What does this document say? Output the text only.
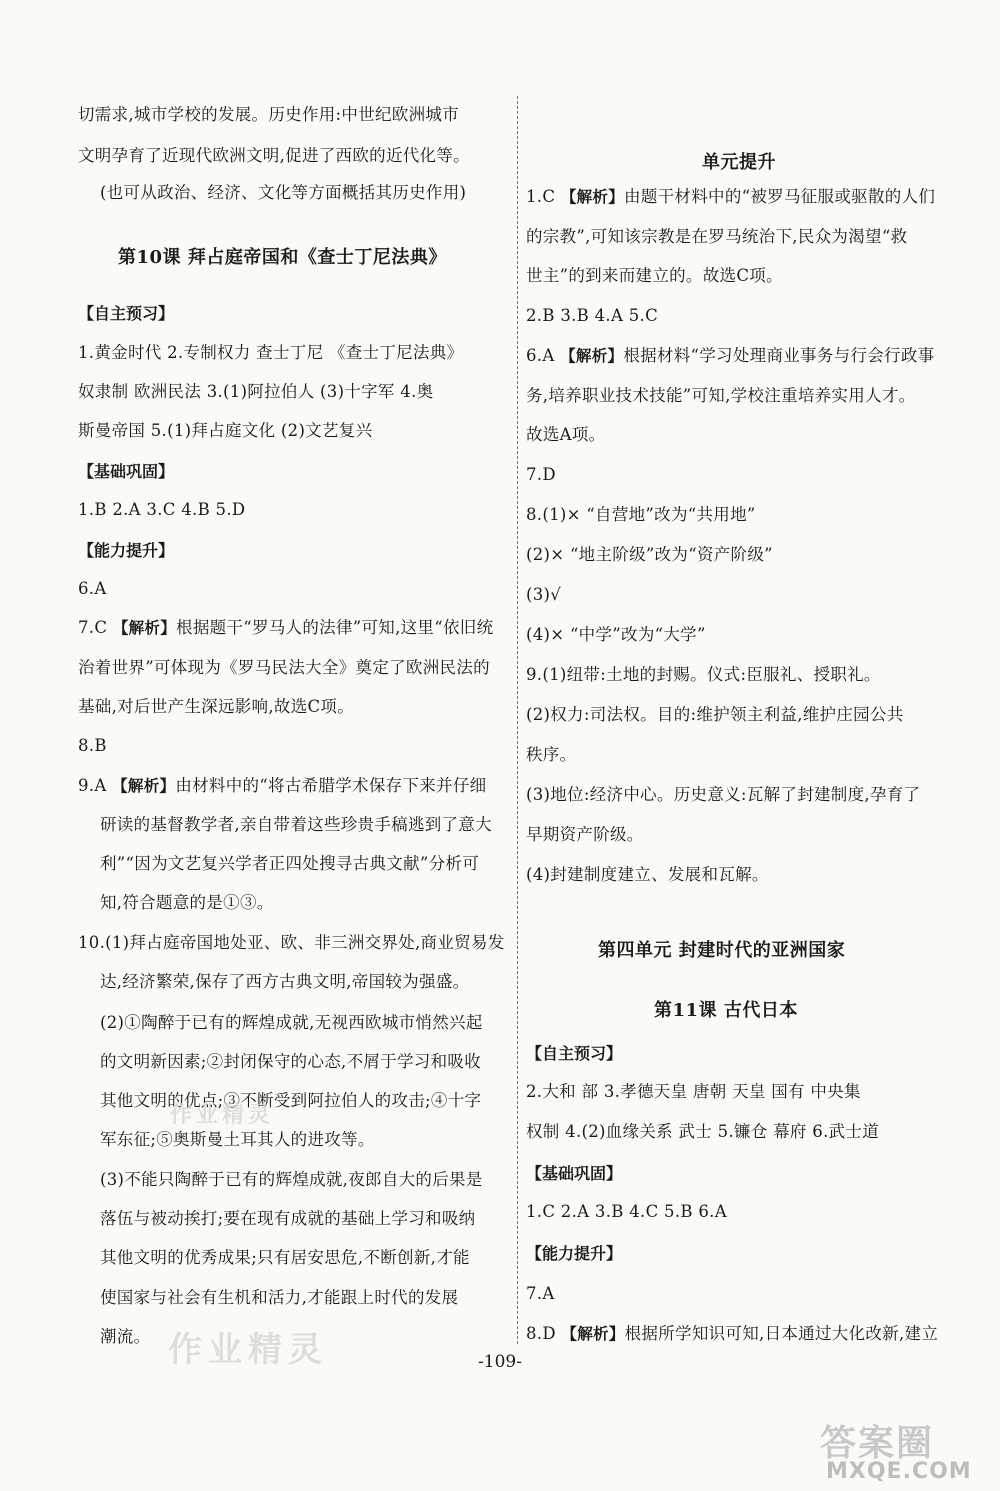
切需求,城市学校的发展。历史作用:中世纪欧洲城市
文明孕育了近现代欧洲文明,促进了西欧的近代化等。
(也可从政治、经济、文化等方面概括其历史作用)
第10课 拜占庭帝国和《查士丁尼法典》
【自主预习】
1.黄金时代 2.专制权力 查士丁尼 《查士丁尼法典》
奴隶制 欧洲民法 3.(1)阿拉伯人 (3)十字军 4.奥
斯曼帝国 5.(1)拜占庭文化 (2)文艺复兴
【基础巩固】
1.B 2.A 3.C 4.B 5.D
【能力提升】
6.A
7.C 【解析】根据题干“罗马人的法律”可知,这里“依旧统
治着世界”可体现为《罗马民法大全》奠定了欧洲民法的
基础,对后世产生深远影响,故选C项。
8.B
9.A 【解析】由材料中的“将古希腊学术保存下来并仔细
研读的基督教学者,亲自带着这些珍贵手稿逃到了意大
利”“因为文艺复兴学者正四处搜寻古典文献”分析可
知,符合题意的是①③。
10.(1)拜占庭帝国地处亚、欧、非三洲交界处,商业贸易发
达,经济繁荣,保存了西方古典文明,帝国较为强盛。
(2)①陶醉于已有的辉煌成就,无视西欧城市悄然兴起
的文明新因素;②封闭保守的心态,不屑于学习和吸收
其他文明的优点;③不断受到阿拉伯人的攻击;④十字
军东征;⑤奥斯曼土耳其人的进攻等。
(3)不能只陶醉于已有的辉煌成就,夜郎自大的后果是
落伍与被动挨打;要在现有成就的基础上学习和吸纳
其他文明的优秀成果;只有居安思危,不断创新,才能
使国家与社会有生机和活力,才能跟上时代的发展
潮流。
单元提升
1.C 【解析】由题干材料中的“被罗马征服或驱散的人们
的宗教”,可知该宗教是在罗马统治下,民众为渴望“救
世主”的到来而建立的。故选C项。
2.B 3.B 4.A 5.C
6.A 【解析】根据材料“学习处理商业事务与行会行政事
务,培养职业技术技能”可知,学校注重培养实用人才。
故选A项。
7.D
8.(1)× “自营地”改为“共用地”
(2)× “地主阶级”改为“资产阶级”
(3)√
(4)× “中学”改为“大学”
9.(1)纽带:土地的封赐。仪式:臣服礼、授职礼。
(2)权力:司法权。目的:维护领主利益,维护庄园公共
秩序。
(3)地位:经济中心。历史意义:瓦解了封建制度,孕育了
早期资产阶级。
(4)封建制度建立、发展和瓦解。
第四单元 封建时代的亚洲国家
第11课 古代日本
【自主预习】
2.大和 部 3.孝德天皇 唐朝 天皇 国有 中央集
权制 4.(2)血缘关系 武士 5.镰仓 幕府 6.武士道
【基础巩固】
1.C 2.A 3.B 4.C 5.B 6.A
【能力提升】
7.A
8.D 【解析】根据所学知识可知,日本通过大化改新,建立
-109-
作业精灵
作业精灵
答案圈
MXQE.COM
